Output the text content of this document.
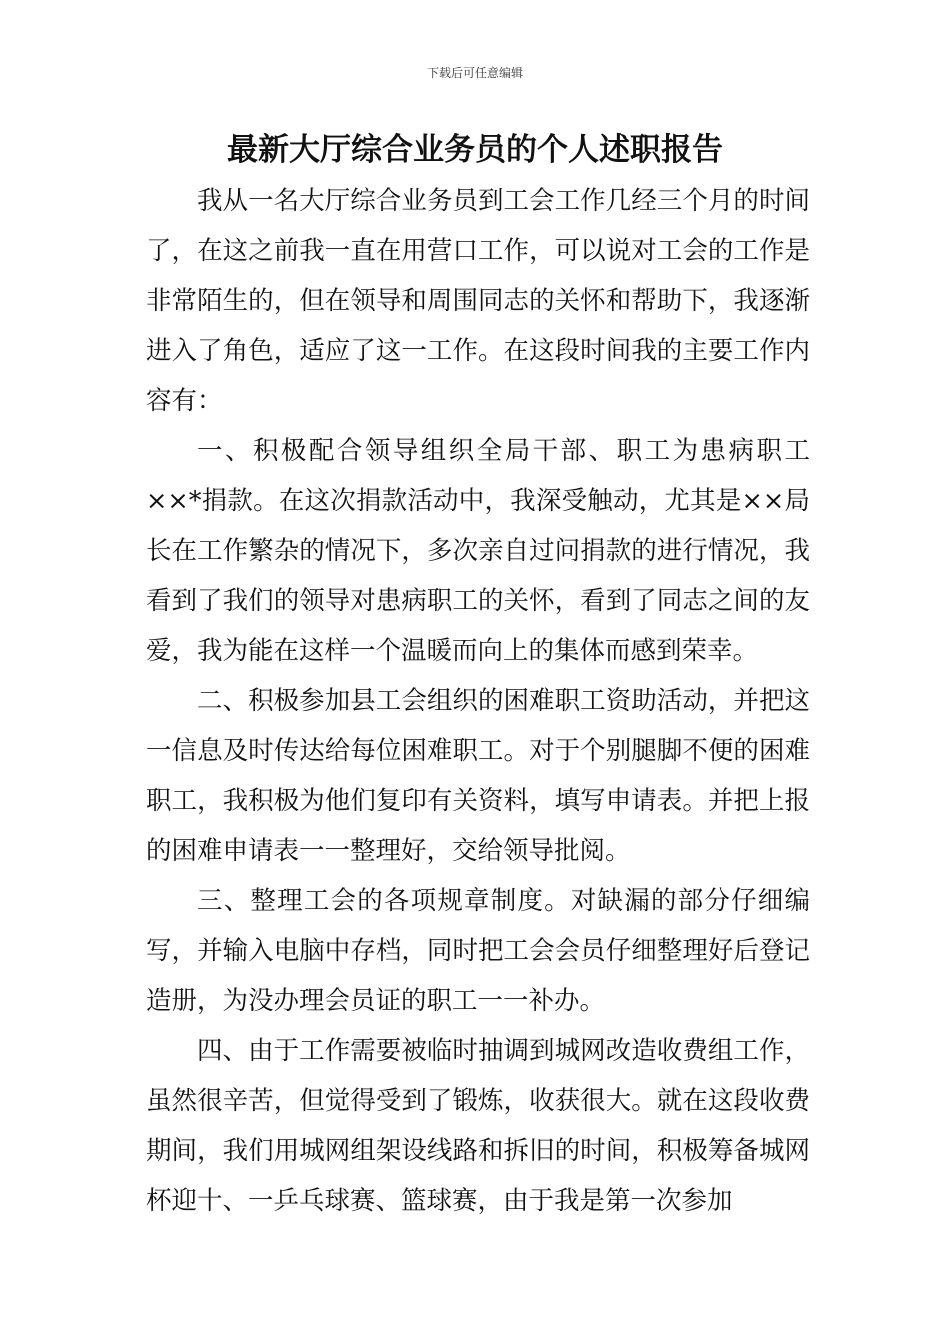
下载后可任意编辑
最新大厅综合业务员的个人述职报告

我从一名大厅综合业务员到工会工作几经三个月的时间了，在这之前我一直在用营口工作，可以说对工会的工作是非常陌生的，但在领导和周围同志的关怀和帮助下，我逐渐进入了角色，适应了这一工作。在这段时间我的主要工作内容有：

一、积极配合领导组织全局干部、职工为患病职工××*捐款。在这次捐款活动中，我深受触动，尤其是××局长在工作繁杂的情况下，多次亲自过问捐款的进行情况，我看到了我们的领导对患病职工的关怀，看到了同志之间的友爱，我为能在这样一个温暖而向上的集体而感到荣幸。

二、积极参加县工会组织的困难职工资助活动，并把这一信息及时传达给每位困难职工。对于个别腿脚不便的困难职工，我积极为他们复印有关资料，填写申请表。并把上报的困难申请表一一整理好，交给领导批阅。

三、整理工会的各项规章制度。对缺漏的部分仔细编写，并输入电脑中存档，同时把工会会员仔细整理好后登记造册，为没办理会员证的职工一一补办。

四、由于工作需要被临时抽调到城网改造收费组工作，虽然很辛苦，但觉得受到了锻炼，收获很大。就在这段收费期间，我们用城网组架设线路和拆旧的时间，积极筹备城网杯迎十、一乒乓球赛、篮球赛，由于我是第一次参加
